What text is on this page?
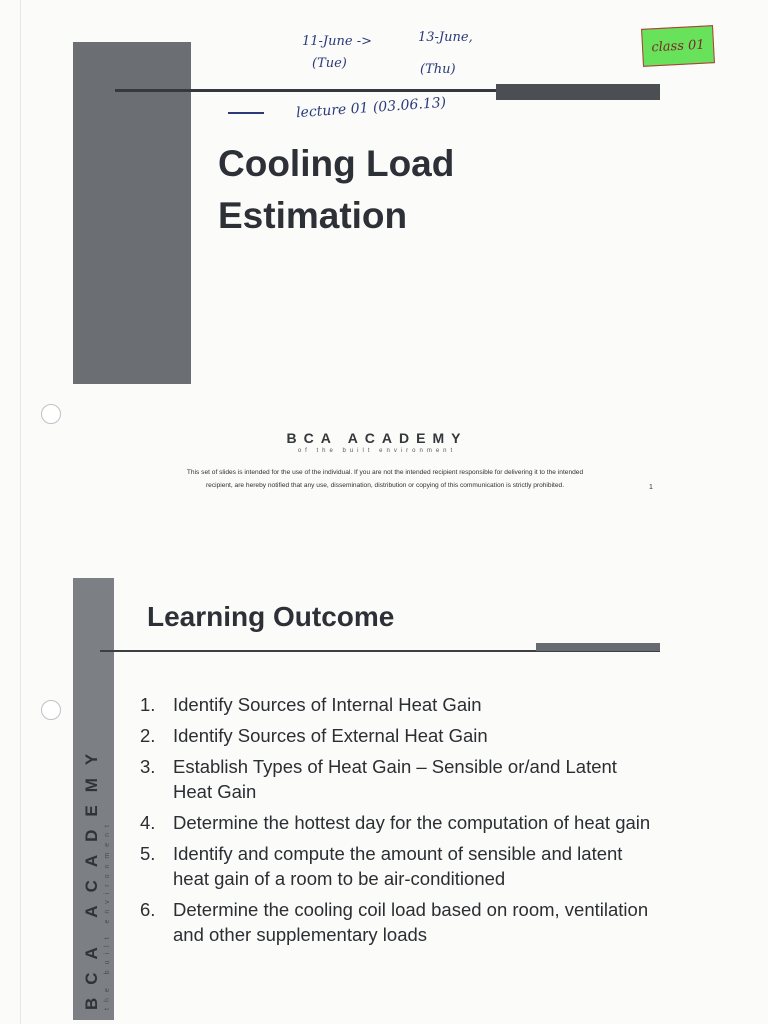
Cooling Load
Estimation
BCA ACADEMY
of the built environment
This set of slides is intended for the use of the individual. If you are not the intended recipient responsible for delivering it to the intended
recipient, are hereby notified that any use, dissemination, distribution or copying of this communication is strictly prohibited.	1
BCA ACADEMY the built environment
Learning Outcome
1. Identify Sources of Internal Heat Gain
2. Identify Sources of External Heat Gain
3. Establish Types of Heat Gain – Sensible or/and Latent Heat Gain
4. Determine the hottest day for the computation of heat gain
5. Identify and compute the amount of sensible and latent heat gain of a room to be air-conditioned
6. Determine the cooling coil load based on room, ventilation and other supplementary loads
11-June ->
(Tue)
13-June,
(Thu)
lecture 01 (03.06.13)
class 01
